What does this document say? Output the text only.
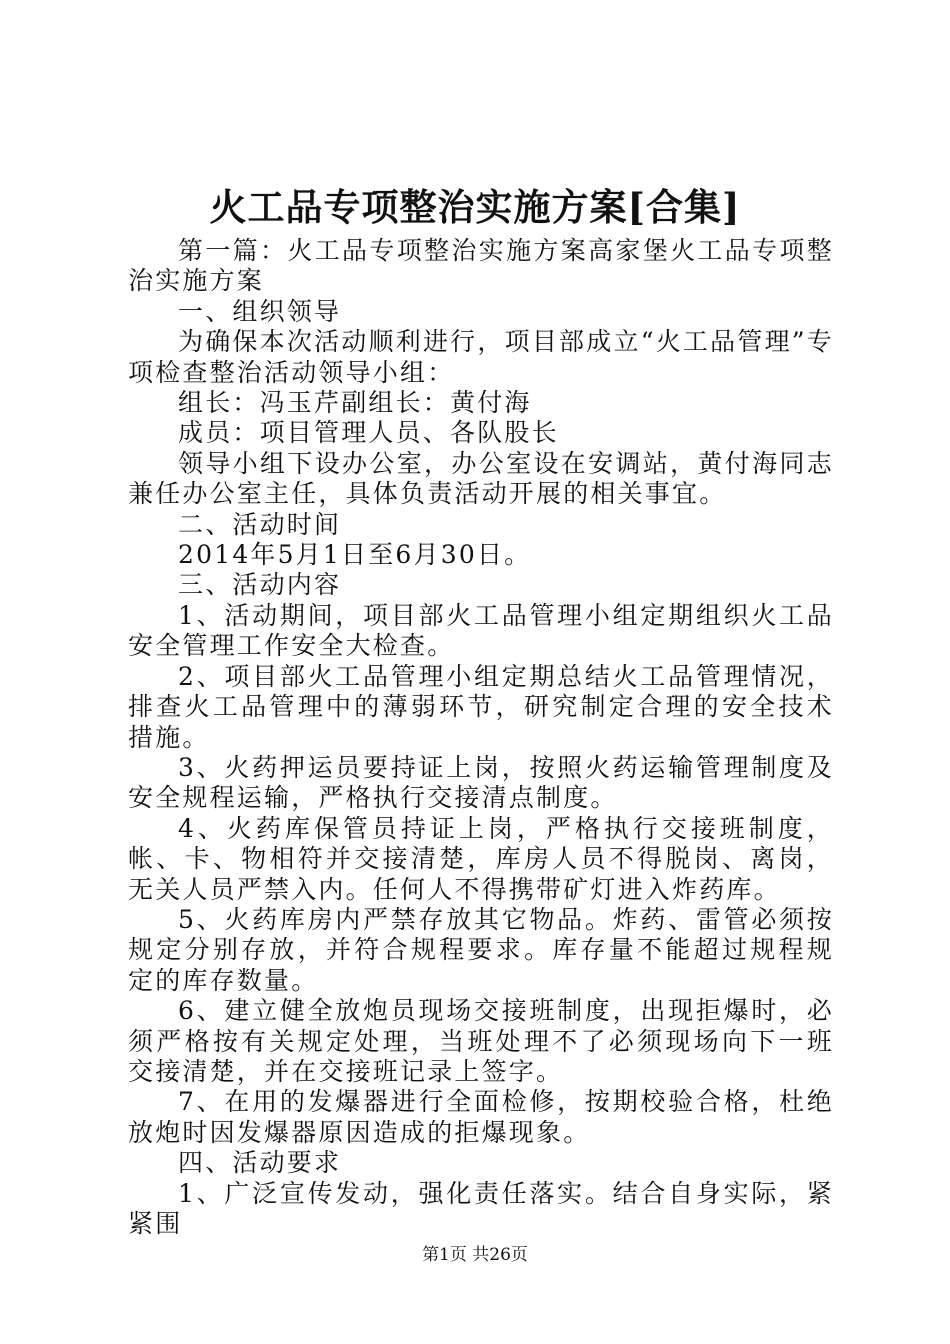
火工品专项整治实施方案[合集]

第一篇：火工品专项整治实施方案高家堡火工品专项整治实施方案

一、组织领导

为确保本次活动顺利进行，项目部成立“火工品管理”专项检查整治活动领导小组：

组长：冯玉芹副组长：黄付海

成员：项目管理人员、各队股长

领导小组下设办公室，办公室设在安调站，黄付海同志兼任办公室主任，具体负责活动开展的相关事宜。

二、活动时间

2014年5月1日至6月30日。

三、活动内容

1、活动期间，项目部火工品管理小组定期组织火工品安全管理工作安全大检查。

2、项目部火工品管理小组定期总结火工品管理情况，排查火工品管理中的薄弱环节，研究制定合理的安全技术措施。

3、火药押运员要持证上岗，按照火药运输管理制度及安全规程运输，严格执行交接清点制度。

4、火药库保管员持证上岗，严格执行交接班制度，帐、卡、物相符并交接清楚，库房人员不得脱岗、离岗，无关人员严禁入内。任何人不得携带矿灯进入炸药库。

5、火药库房内严禁存放其它物品。炸药、雷管必须按规定分别存放，并符合规程要求。库存量不能超过规程规定的库存数量。

6、建立健全放炮员现场交接班制度，出现拒爆时，必须严格按有关规定处理，当班处理不了必须现场向下一班交接清楚，并在交接班记录上签字。

7、在用的发爆器进行全面检修，按期校验合格，杜绝放炮时因发爆器原因造成的拒爆现象。

四、活动要求

1、广泛宣传发动，强化责任落实。结合自身实际，紧紧围

第1页 共26页
